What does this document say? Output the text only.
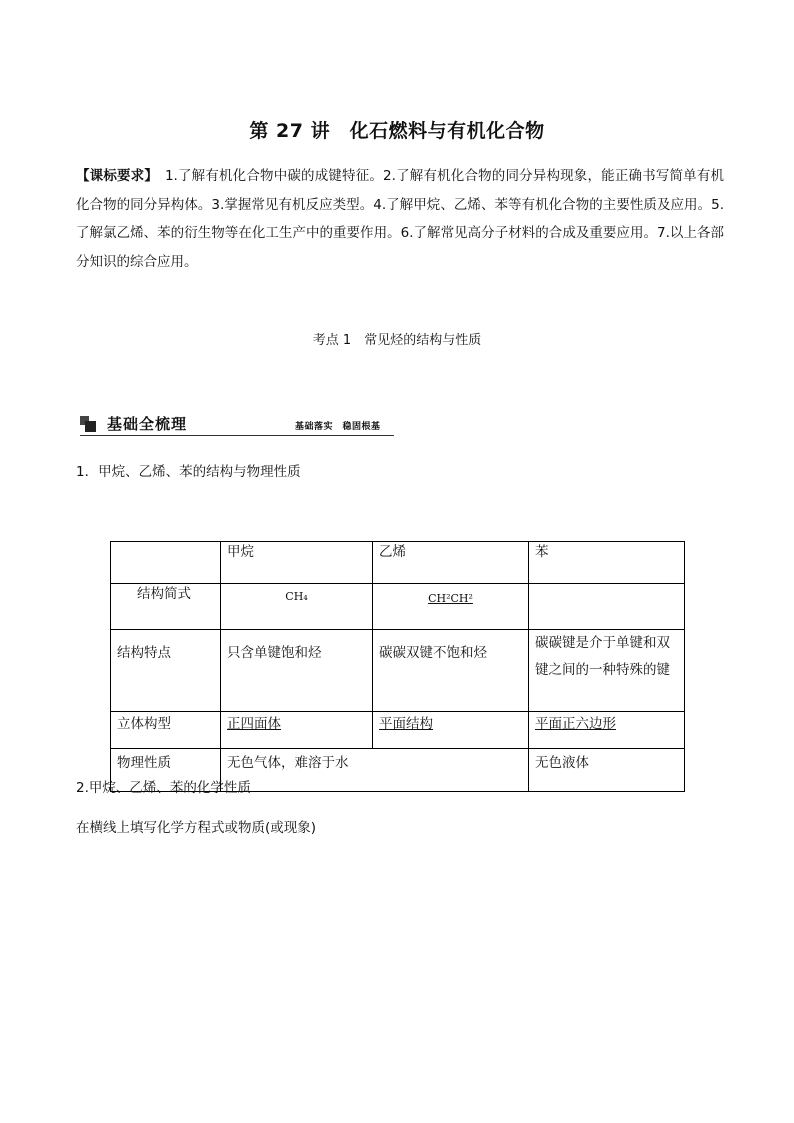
第 27 讲　化石燃料与有机化合物
【课标要求】　1.了解有机化合物中碳的成键特征。2.了解有机化合物的同分异构现象，能正确书写简单有机化合物的同分异构体。3.掌握常见有机反应类型。4.了解甲烷、乙烯、苯等有机化合物的主要性质及应用。5.了解氯乙烯、苯的衍生物等在化工生产中的重要作用。6.了解常见高分子材料的合成及重要应用。7.以上各部分知识的综合应用。
考点 1　常见烃的结构与性质
基础全梳理	基础落实　稳固根基
1．甲烷、乙烯、苯的结构与物理性质
	甲烷	乙烯	苯
结构简式	CH₄	CH²CH²	
结构特点	只含单键饱和烃	碳碳双键不饱和烃	碳碳键是介于单键和双键之间的一种特殊的键
立体构型	正四面体	平面结构	平面正六边形
物理性质	无色气体，难溶于水		无色液体
2.甲烷、乙烯、苯的化学性质
在横线上填写化学方程式或物质(或现象)
